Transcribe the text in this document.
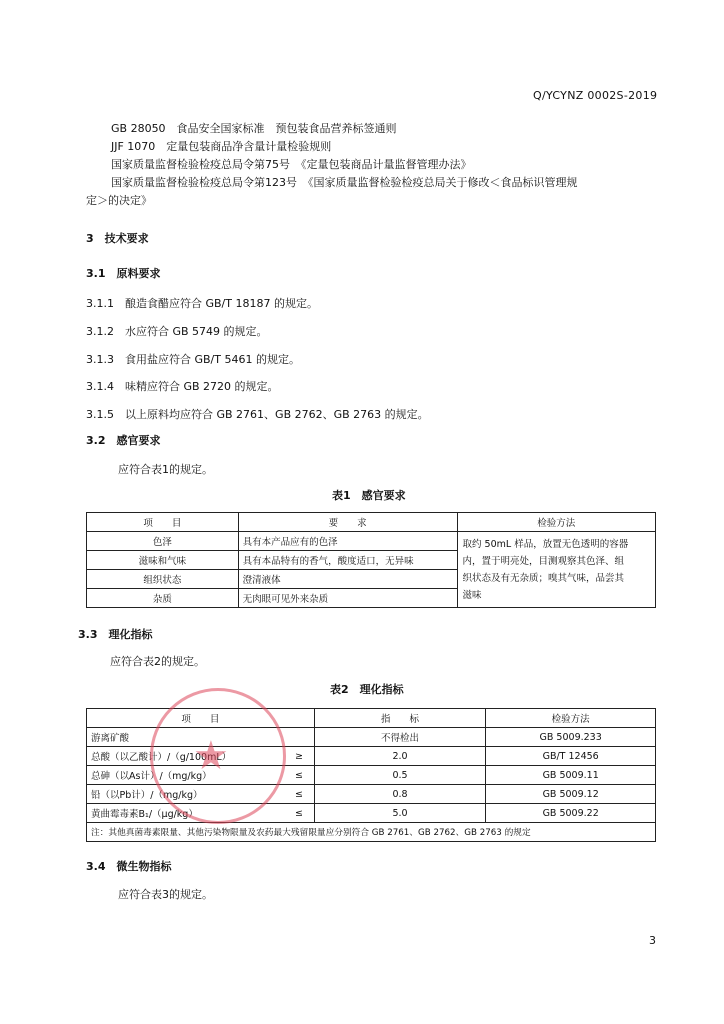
Q/YCYNZ 0002S-2019
GB 28050　食品安全国家标准　预包装食品营养标签通则
JJF 1070　定量包装商品净含量计量检验规则
国家质量监督检验检疫总局令第75号　《定量包装商品计量监督管理办法》
国家质量监督检验检疫总局令第123号　《国家质量监督检验检疫总局关于修改＜食品标识管理规
定＞的决定》
3　技术要求
3.1　原料要求
3.1.1　酿造食醋应符合 GB/T 18187 的规定。
3.1.2　水应符合 GB 5749 的规定。
3.1.3　食用盐应符合 GB/T 5461 的规定。
3.1.4　味精应符合 GB 2720 的规定。
3.1.5　以上原料均应符合 GB 2761、GB 2762、GB 2763 的规定。
3.2　感官要求
应符合表1的规定。
表1　感官要求
项　　目	要　　求	检验方法
色泽	具有本产品应有的色泽	取约 50mL 样品，放置无色透明的容器
内，置于明亮处，目测观察其色泽、组
织状态及有无杂质；嗅其气味，品尝其
滋味

滋味和气味	具有本品特有的香气，酸度适口，无异味	
组织状态	澄清液体	
杂质	无肉眼可见外来杂质	
3.3　理化指标
应符合表2的规定。
表2　理化指标
项　　目		指　　标	检验方法
游离矿酸		不得检出	GB 5009.233
总酸（以乙酸计）/（g/100mL）	≥	2.0	GB/T 12456
总砷（以As计）/（mg/kg）	≤	0.5	GB 5009.11
铅（以Pb计）/（mg/kg）	≤	0.8	GB 5009.12
黄曲霉毒素B₁/（μg/kg）	≤	5.0	GB 5009.22
注：其他真菌毒素限量、其他污染物限量及农药最大残留限量应分别符合 GB 2761、GB 2762、GB 2763 的规定			
★
3.4　微生物指标
应符合表3的规定。
3
